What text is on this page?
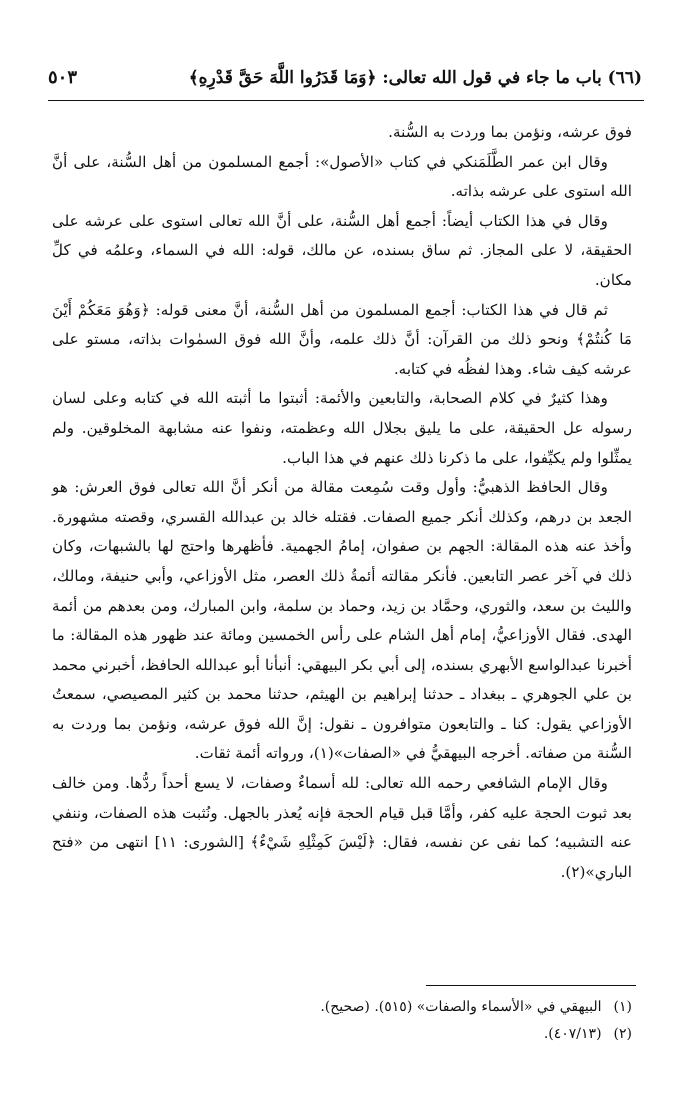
(٦٦) باب ما جاء في قول الله تعالى: ﴿وَمَا قَدَرُوا اللَّهَ حَقَّ قَدْرِهِ﴾
٥٠٣

فوق عرشه، ونؤمن بما وردت به السُّنة.

وقال ابن عمر الطَّلَمَنكي في كتاب «الأصول»: أجمع المسلمون من أهل السُّنة، على أنَّ الله استوى على عرشه بذاته.

وقال في هذا الكتاب أيضاً: أجمع أهل السُّنة، على أنَّ الله تعالى استوى على عرشه على الحقيقة، لا على المجاز. ثم ساق بسنده، عن مالك، قوله: الله في السماء، وعلمُه في كلِّ مكان.

ثم قال في هذا الكتاب: أجمع المسلمون من أهل السُّنة، أنَّ معنى قوله: ﴿وَهُوَ مَعَكُمْ أَيْنَ مَا كُنتُمْ﴾ ونحو ذلك من القرآن: أنَّ ذلك علمه، وأنَّ الله فوق السمٰوات بذاته، مستو على عرشه كيف شاء. وهذا لفظُه في كتابه.

وهذا كثيرٌ في كلام الصحابة، والتابعين والأئمة: أثبتوا ما أثبته الله في كتابه وعلى لسان رسوله عل الحقيقة، على ما يليق بجلال الله وعظمته، ونفوا عنه مشابهة المخلوقين. ولم يمثِّلوا ولم يكيِّفوا، على ما ذكرنا ذلك عنهم في هذا الباب.

وقال الحافظ الذهبيُّ: وأول وقت سُمِعت مقالة من أنكر أنَّ الله تعالى فوق العرش: هو الجعد بن درهم، وكذلك أنكر جميع الصفات. فقتله خالد بن عبدالله القسري، وقصته مشهورة. وأخذ عنه هذه المقالة: الجهم بن صفوان، إمامُ الجهمية. فأظهرها واحتج لها بالشبهات، وكان ذلك في آخر عصر التابعين. فأنكر مقالته أئمةُ ذلك العصر، مثل الأوزاعي، وأبي حنيفة، ومالك، والليث بن سعد، والثوري، وحمَّاد بن زيد، وحماد بن سلمة، وابن المبارك، ومن بعدهم من أئمة الهدى. فقال الأوزاعيُّ، إمام أهل الشام على رأس الخمسين ومائة عند ظهور هذه المقالة: ما أخبرنا عبدالواسع الأبهري بسنده، إلى أبي بكر البيهقي: أنبأنا أبو عبدالله الحافظ، أخبرني محمد بن علي الجوهري ـ ببغداد ـ حدثنا إبراهيم بن الهيثم، حدثنا محمد بن كثير المصيصي، سمعتُ الأوزاعي يقول: كنا ـ والتابعون متوافرون ـ نقول: إنَّ الله فوق عرشه، ونؤمن بما وردت به السُّنة من صفاته. أخرجه البيهقيُّ في «الصفات»(١)، ورواته أئمة ثقات.

وقال الإمام الشافعي رحمه الله تعالى: لله أسماءٌ وصفات، لا يسع أحداً ردُّها. ومن خالف بعد ثبوت الحجة عليه كفر، وأمَّا قبل قيام الحجة فإنه يُعذر بالجهل. ونُثبت هذه الصفات، وننفي عنه التشبيه؛ كما نفى عن نفسه، فقال: ﴿لَيْسَ كَمِثْلِهِ شَيْءٌ﴾ [الشورى: ١١] انتهى من «فتح الباري»(٢).

(١)
البيهقي في «الأسماء والصفات» (٥١٥). (صحيح).
(٢)
(٤٠٧/١٣).
